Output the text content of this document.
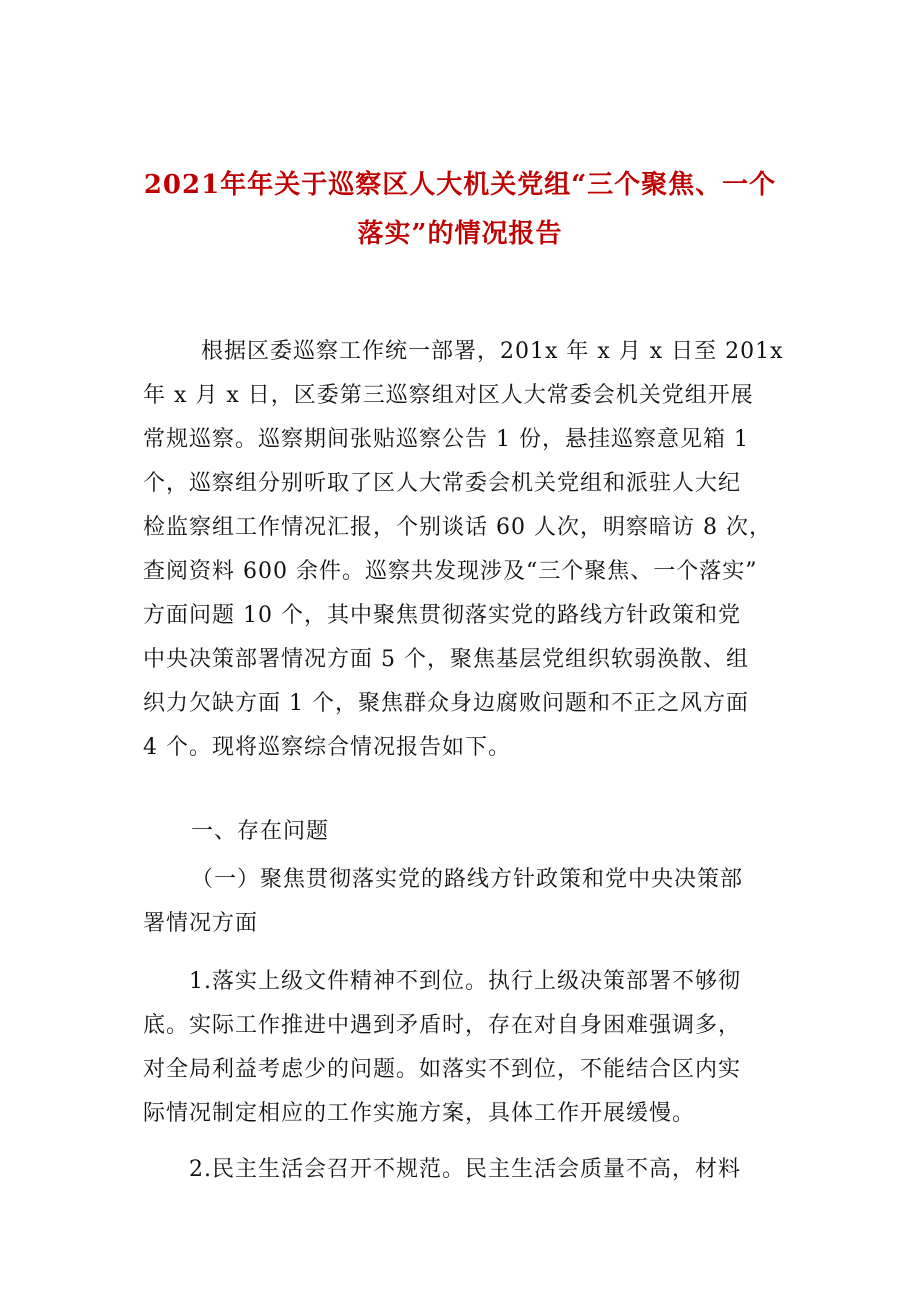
2021年年关于巡察区人大机关党组“三个聚焦、一个
落实”的情况报告
根据区委巡察工作统一部署，201x 年 x 月 x 日至 201x
年 x 月 x 日，区委第三巡察组对区人大常委会机关党组开展
常规巡察。巡察期间张贴巡察公告 1 份，悬挂巡察意见箱 1
个，巡察组分别听取了区人大常委会机关党组和派驻人大纪
检监察组工作情况汇报，个别谈话 60 人次，明察暗访 8 次，
查阅资料 600 余件。巡察共发现涉及“三个聚焦、一个落实”
方面问题 10 个，其中聚焦贯彻落实党的路线方针政策和党
中央决策部署情况方面 5 个，聚焦基层党组织软弱涣散、组
织力欠缺方面 1 个，聚焦群众身边腐败问题和不正之风方面
4 个。现将巡察综合情况报告如下。
一、存在问题
（一）聚焦贯彻落实党的路线方针政策和党中央决策部
署情况方面
1.落实上级文件精神不到位。执行上级决策部署不够彻
底。实际工作推进中遇到矛盾时，存在对自身困难强调多，
对全局利益考虑少的问题。如落实不到位，不能结合区内实
际情况制定相应的工作实施方案，具体工作开展缓慢。
2.民主生活会召开不规范。民主生活会质量不高，材料
